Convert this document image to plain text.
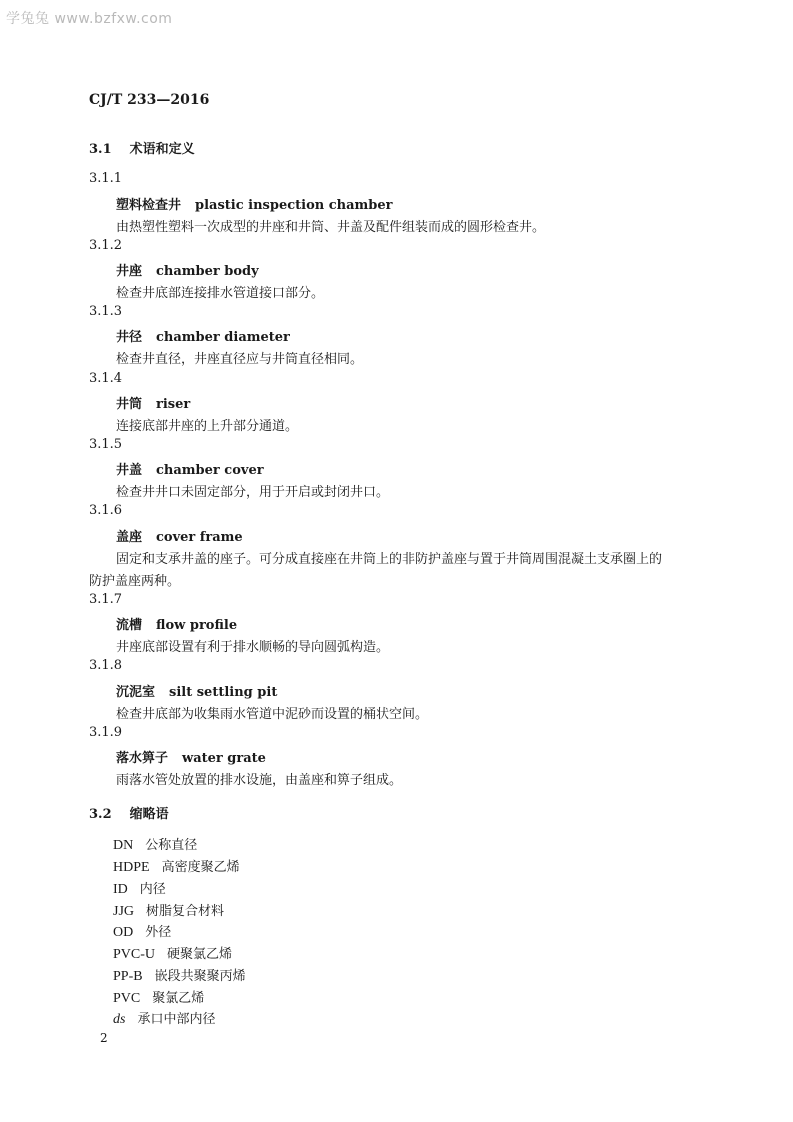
学兔兔 www.bzfxw.com
CJ/T 233—2016
3.1 术语和定义
3.1.1
塑料检查井 plastic inspection chamber
由热塑性塑料一次成型的井座和井筒、井盖及配件组装而成的圆形检查井。
3.1.2
井座 chamber body
检查井底部连接排水管道接口部分。
3.1.3
井径 chamber diameter
检查井直径，井座直径应与井筒直径相同。
3.1.4
井筒 riser
连接底部井座的上升部分通道。
3.1.5
井盖 chamber cover
检查井井口未固定部分，用于开启或封闭井口。
3.1.6
盖座 cover frame
固定和支承井盖的座子。可分成直接座在井筒上的非防护盖座与置于井筒周围混凝土支承圈上的
防护盖座两种。
3.1.7
流槽 flow profile
井座底部设置有利于排水顺畅的导向圆弧构造。
3.1.8
沉泥室 silt settling pit
检查井底部为收集雨水管道中泥砂而设置的桶状空间。
3.1.9
落水箅子 water grate
雨落水管处放置的排水设施，由盖座和箅子组成。
3.2 缩略语
DN 公称直径
HDPE 高密度聚乙烯
ID 内径
JJG 树脂复合材料
OD 外径
PVC-U 硬聚氯乙烯
PP-B 嵌段共聚聚丙烯
PVC 聚氯乙烯
ds 承口中部内径
2
